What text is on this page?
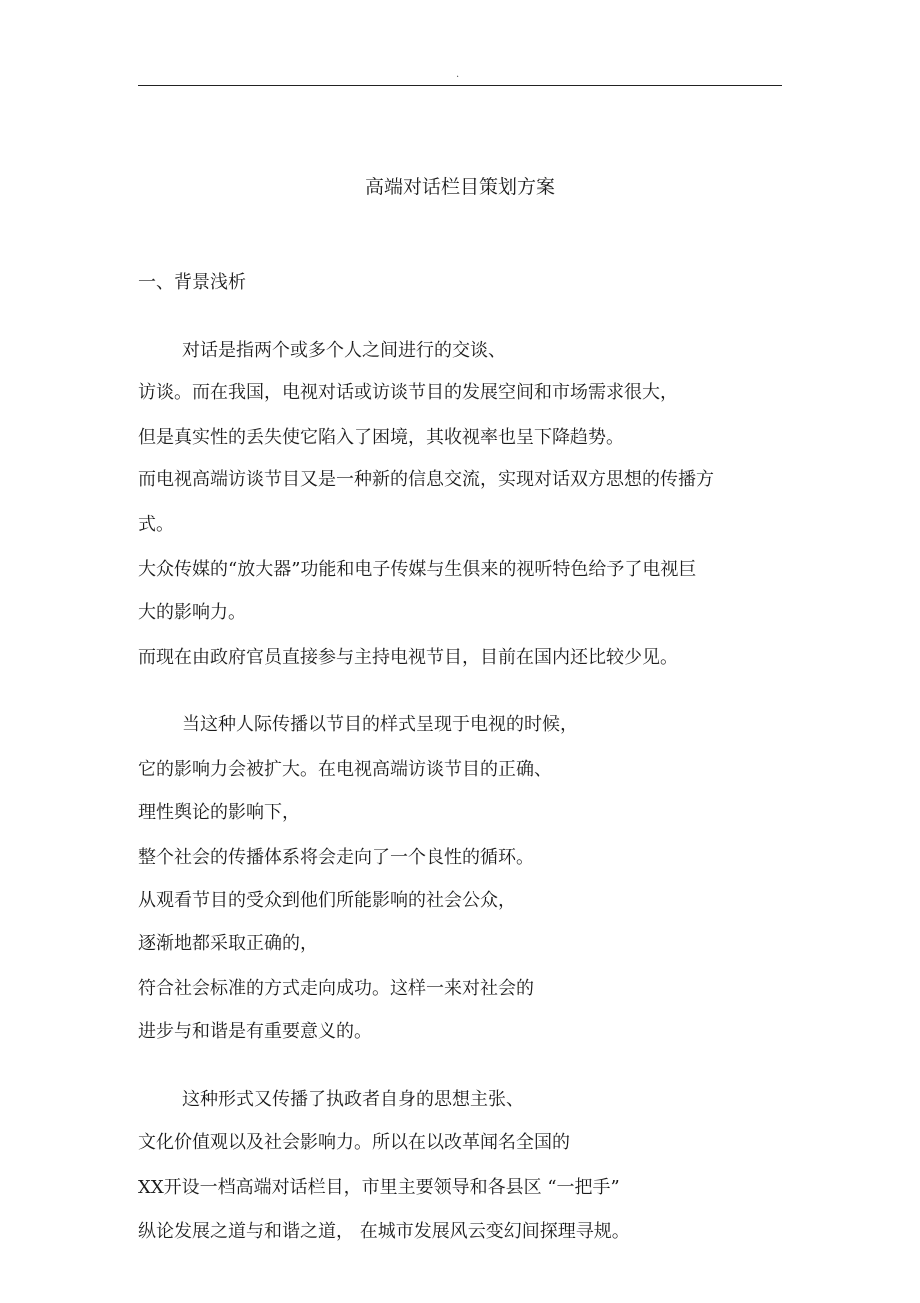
.
高端对话栏目策划方案
一、背景浅析
对话是指两个或多个人之间进行的交谈、
访谈。而在我国，电视对话或访谈节目的发展空间和市场需求很大，
但是真实性的丢失使它陷入了困境，其收视率也呈下降趋势。
而电视高端访谈节目又是一种新的信息交流，实现对话双方思想的传播方
式。
大众传媒的“放大器”功能和电子传媒与生俱来的视听特色给予了电视巨
大的影响力。
而现在由政府官员直接参与主持电视节目，目前在国内还比较少见。
当这种人际传播以节目的样式呈现于电视的时候，
它的影响力会被扩大。在电视高端访谈节目的正确、
理性舆论的影响下，
整个社会的传播体系将会走向了一个良性的循环。
从观看节目的受众到他们所能影响的社会公众，
逐渐地都采取正确的，
符合社会标准的方式走向成功。这样一来对社会的
进步与和谐是有重要意义的。
这种形式又传播了执政者自身的思想主张、
文化价值观以及社会影响力。所以在以改革闻名全国的
XX开设一档高端对话栏目，市里主要领导和各县区 “一把手”
纵论发展之道与和谐之道， 在城市发展风云变幻间探理寻规。
